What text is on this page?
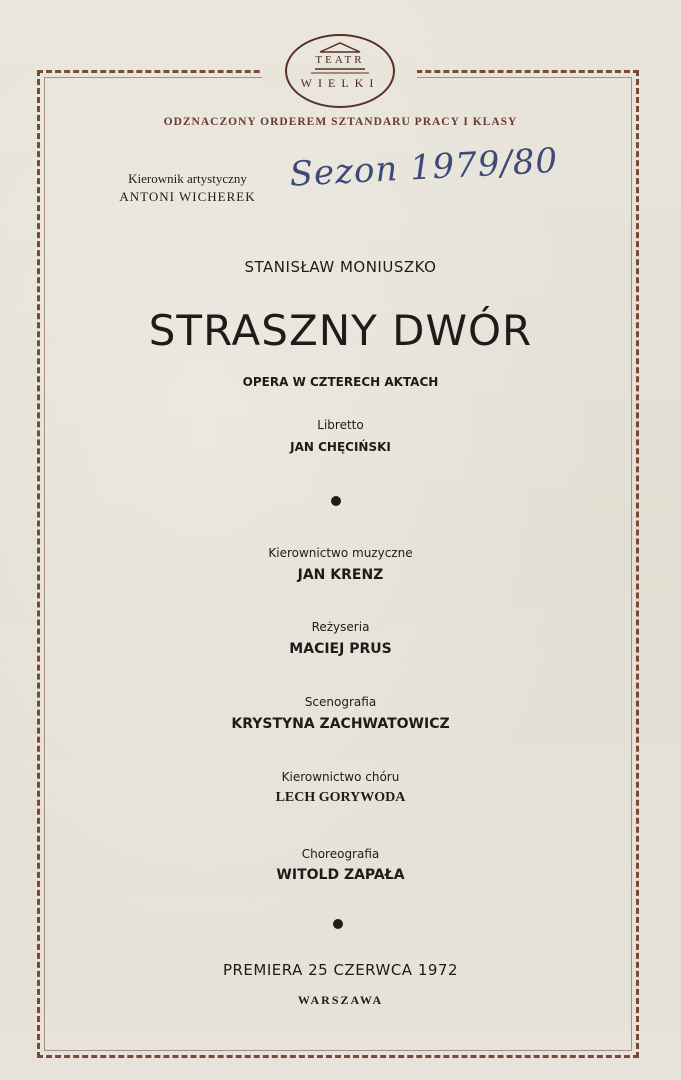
TEATR
WIELKI
ODZNACZONY ORDEREM SZTANDARU PRACY I KLASY
Kierownik artystyczny
ANTONI WICHEREK
Sezon 1979/80
STANISŁAW MONIUSZKO
STRASZNY DWÓR
OPERA W CZTERECH AKTACH
Libretto
JAN CHĘCIŃSKI
Kierownictwo muzyczne
JAN KRENZ
Reżyseria
MACIEJ PRUS
Scenografia
KRYSTYNA ZACHWATOWICZ
Kierownictwo chóru
LECH GORYWODA
Choreografia
WITOLD ZAPAŁA
PREMIERA 25 CZERWCA 1972
WARSZAWA
